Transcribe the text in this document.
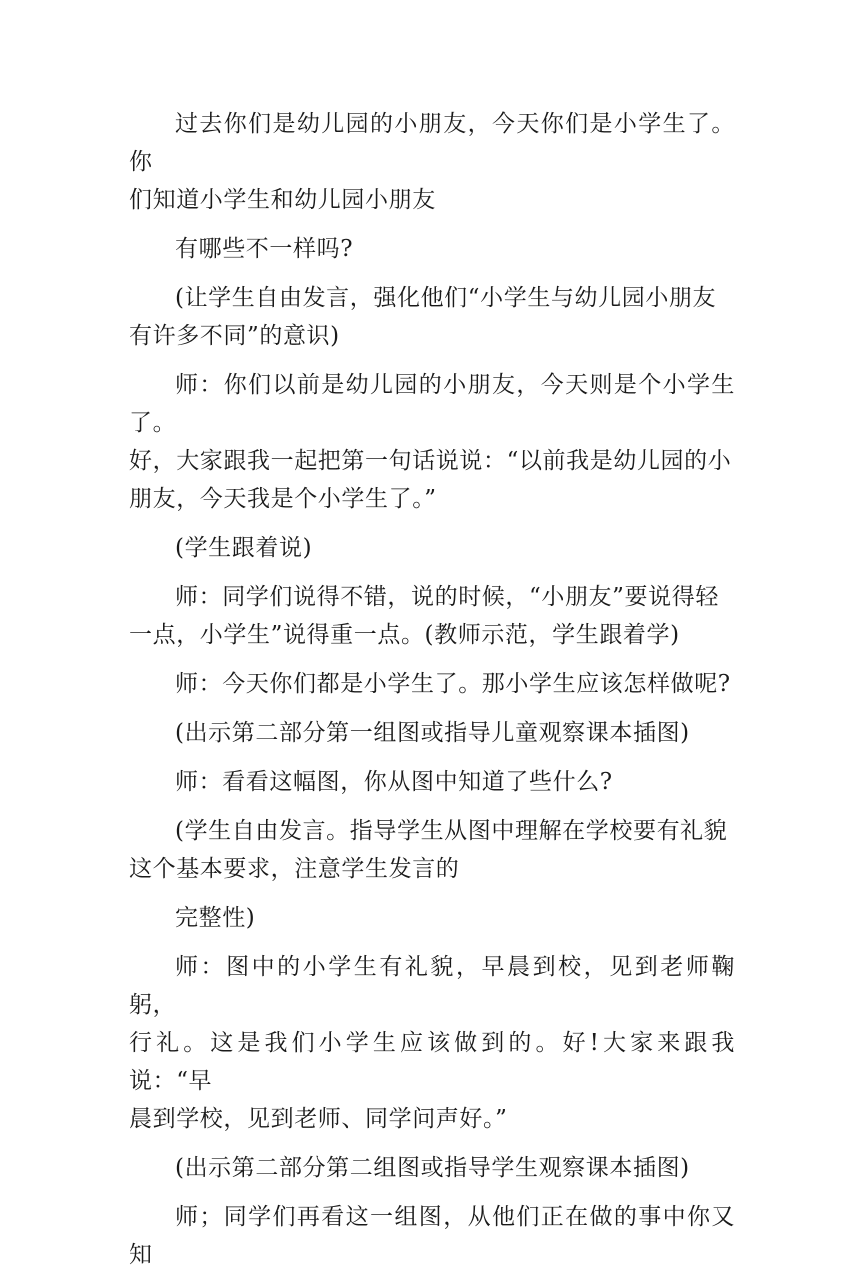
过去你们是幼儿园的小朋友，今天你们是小学生了。你
们知道小学生和幼儿园小朋友

有哪些不一样吗?

(让学生自由发言，强化他们“小学生与幼儿园小朋友
有许多不同”的意识)

师：你们以前是幼儿园的小朋友，今天则是个小学生了。
好，大家跟我一起把第一句话说说：“以前我是幼儿园的小
朋友，今天我是个小学生了。”

(学生跟着说)

师：同学们说得不错，说的时候，“小朋友”要说得轻
一点，小学生”说得重一点。(教师示范，学生跟着学)

师：今天你们都是小学生了。那小学生应该怎样做呢?

(出示第二部分第一组图或指导儿童观察课本插图)

师：看看这幅图，你从图中知道了些什么?

(学生自由发言。指导学生从图中理解在学校要有礼貌
这个基本要求，注意学生发言的

完整性)

师：图中的小学生有礼貌，早晨到校，见到老师鞠躬，
行礼。这是我们小学生应该做到的。好!大家来跟我说：“早
晨到学校，见到老师、同学问声好。”

(出示第二部分第二组图或指导学生观察课本插图)

师；同学们再看这一组图，从他们正在做的事中你又知
